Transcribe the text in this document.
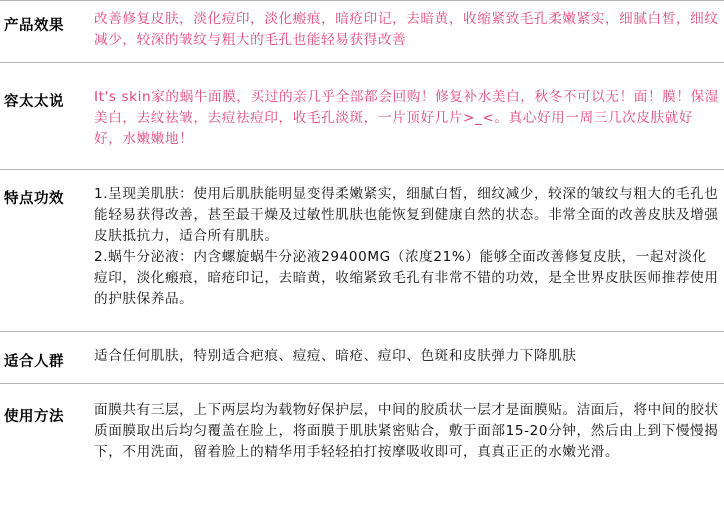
产品效果	改善修复皮肤，淡化痘印，淡化瘢痕，暗疮印记，去暗黄，收缩紧致毛孔柔嫩紧实，细腻白皙，细纹减少，较深的皱纹与粗大的毛孔也能轻易获得改善
容太太说	It's skin家的蜗牛面膜，买过的亲几乎全部都会回购！修复补水美白，秋冬不可以无！面！膜！保湿美白，去纹祛皱，去痘祛痘印，收毛孔淡斑，一片顶好几片>_<。真心好用一周三几次皮肤就好好，水嫩嫩地！
特点功效	1.呈现美肌肤：使用后肌肤能明显变得柔嫩紧实，细腻白皙，细纹减少，较深的皱纹与粗大的毛孔也能轻易获得改善，甚至最干燥及过敏性肌肤也能恢复到健康自然的状态。非常全面的改善皮肤及增强皮肤抵抗力，适合所有肌肤。
2.蜗牛分泌液：内含螺旋蜗牛分泌液29400MG（浓度21%）能够全面改善修复皮肤，一起对淡化痘印，淡化瘢痕，暗疮印记，去暗黄，收缩紧致毛孔有非常不错的功效，是全世界皮肤医师推荐使用的护肤保养品。
适合人群	适合任何肌肤，特别适合疤痕、痘痘、暗疮、痘印、色斑和皮肤弹力下降肌肤
使用方法	面膜共有三层，上下两层均为载物好保护层，中间的胶质状一层才是面膜贴。洁面后，将中间的胶状质面膜取出后均匀覆盖在脸上，将面膜于肌肤紧密贴合，敷于面部15-20分钟，然后由上到下慢慢揭下，不用洗面，留着脸上的精华用手轻轻拍打按摩吸收即可，真真正正的水嫩光滑。
